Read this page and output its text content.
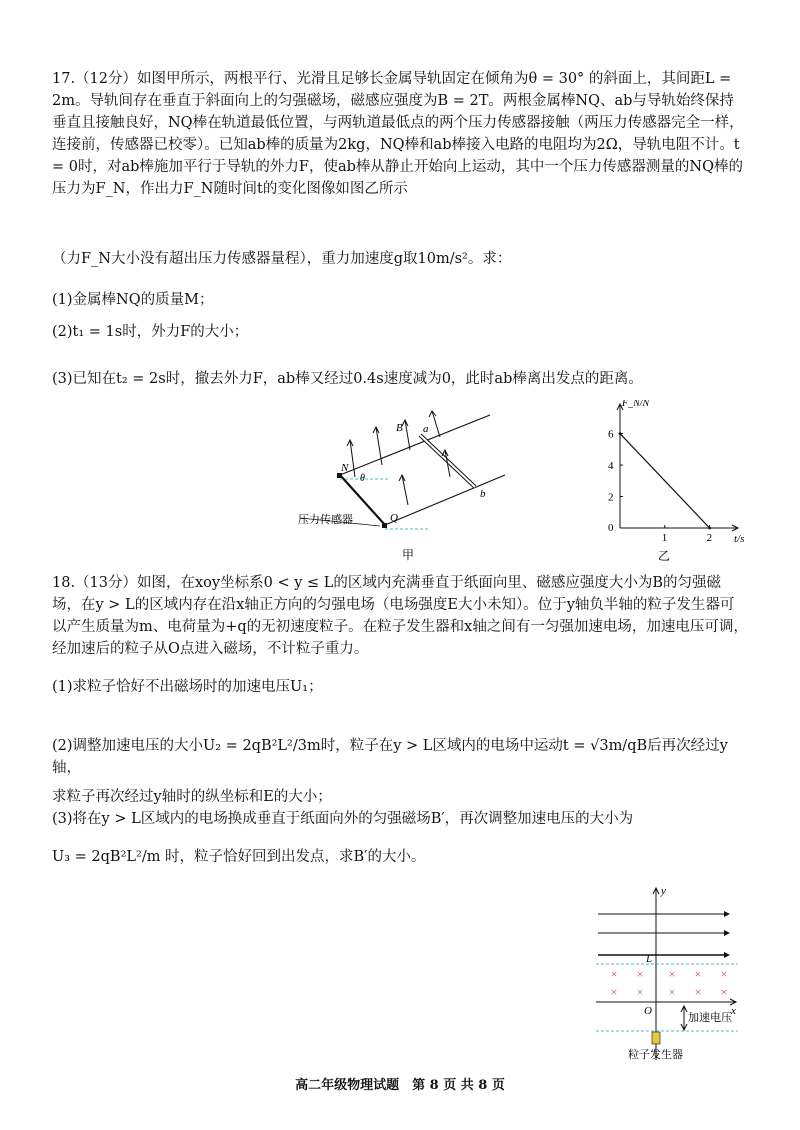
17.（12分）如图甲所示，两根平行、光滑且足够长金属导轨固定在倾角为θ = 30° 的斜面上，其间距L = 2m。导轨间存在垂直于斜面向上的匀强磁场，磁感应强度为B = 2T。两根金属棒NQ、ab与导轨始终保持垂直且接触良好，NQ棒在轨道最低位置，与两轨道最低点的两个压力传感器接触（两压力传感器完全一样，连接前，传感器已校零）。已知ab棒的质量为2kg，NQ棒和ab棒接入电路的电阻均为2Ω，导轨电阻不计。t = 0时，对ab棒施加平行于导轨的外力F，使ab棒从静止开始向上运动，其中一个压力传感器测量的NQ棒的压力为F_N，作出力F_N随时间t的变化图像如图乙所示

（力F_N大小没有超出压力传感器量程），重力加速度g取10m/s²。求：

(1)金属棒NQ的质量M；

(2)t₁ = 1s时，外力F的大小；

(3)已知在t₂ = 2s时，撤去外力F，ab棒又经过0.4s速度减为0，此时ab棒离出发点的距离。

B a
b
N
Q
θ
压力传感器
甲
t/s
F_N/N
0
1	2
2
4
6
乙

18.（13分）如图，在xoy坐标系0 < y ≤ L的区域内充满垂直于纸面向里、磁感应强度大小为B的匀强磁场，在y > L的区域内存在沿x轴正方向的匀强电场（电场强度E大小未知）。位于y轴负半轴的粒子发生器可以产生质量为m、电荷量为+q的无初速度粒子。在粒子发生器和x轴之间有一匀强加速电场，加速电压可调，经加速后的粒子从O点进入磁场，不计粒子重力。

(1)求粒子恰好不出磁场时的加速电压U₁；

(2)调整加速电压的大小U₂ = 2qB²L²/3m时，粒子在y > L区域内的电场中运动t = √3m/qB后再次经过y轴，

求粒子再次经过y轴时的纵坐标和E的大小；

(3)将在y > L区域内的电场换成垂直于纸面向外的匀强磁场B′，再次调整加速电压的大小为

U₃ = 2qB²L²/m 时，粒子恰好回到出发点，求B′的大小。

× × × × ×
× × × × ×
y
x
L
O
加速电压
粒子发生器
高二年级物理试题　第 8 页 共 8 页
